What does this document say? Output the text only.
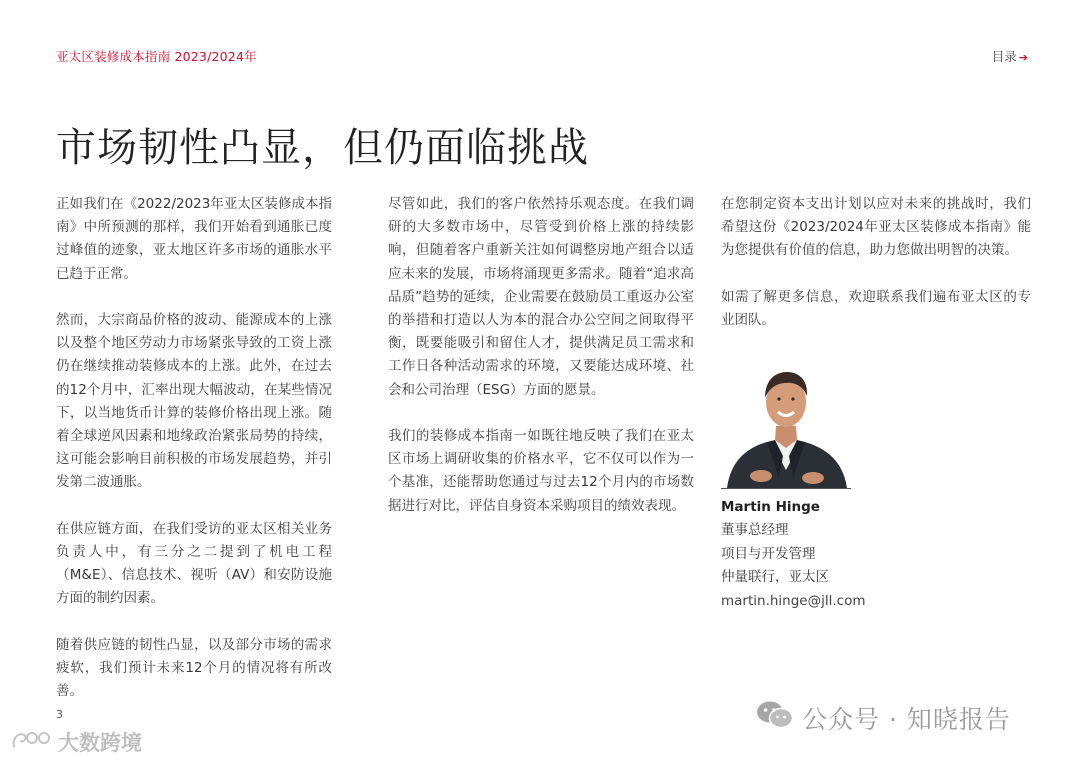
亚太区装修成本指南 2023/2024年	目录 ➔
市场韧性凸显，但仍面临挑战

正如我们在《2022/2023年亚太区装修成本指南》中所预测的那样，我们开始看到通胀已度过峰值的迹象，亚太地区许多市场的通胀水平已趋于正常。

然而，大宗商品价格的波动、能源成本的上涨以及整个地区劳动力市场紧张导致的工资上涨仍在继续推动装修成本的上涨。此外，在过去的12个月中，汇率出现大幅波动，在某些情况下，以当地货币计算的装修价格出现上涨。随着全球逆风因素和地缘政治紧张局势的持续，这可能会影响目前积极的市场发展趋势，并引发第二波通胀。

在供应链方面，在我们受访的亚太区相关业务负责人中，有三分之二提到了机电工程（M&E）、信息技术、视听（AV）和安防设施方面的制约因素。

随着供应链的韧性凸显，以及部分市场的需求疲软，我们预计未来12个月的情况将有所改善。

尽管如此，我们的客户依然持乐观态度。在我们调研的大多数市场中，尽管受到价格上涨的持续影响，但随着客户重新关注如何调整房地产组合以适应未来的发展，市场将涌现更多需求。随着“追求高品质”趋势的延续，企业需要在鼓励员工重返办公室的举措和打造以人为本的混合办公空间之间取得平衡，既要能吸引和留住人才，提供满足员工需求和工作日各种活动需求的环境，又要能达成环境、社会和公司治理（ESG）方面的愿景。

我们的装修成本指南一如既往地反映了我们在亚太区市场上调研收集的价格水平，它不仅可以作为一个基准，还能帮助您通过与过去12个月内的市场数据进行对比，评估自身资本采购项目的绩效表现。

在您制定资本支出计划以应对未来的挑战时，我们希望这份《2023/2024年亚太区装修成本指南》能为您提供有价值的信息，助力您做出明智的决策。

如需了解更多信息，欢迎联系我们遍布亚太区的专业团队。

Martin Hinge
董事总经理
项目与开发管理
仲量联行，亚太区
martin.hinge@jll.com
3	公众号 · 知晓报告
大数跨境
